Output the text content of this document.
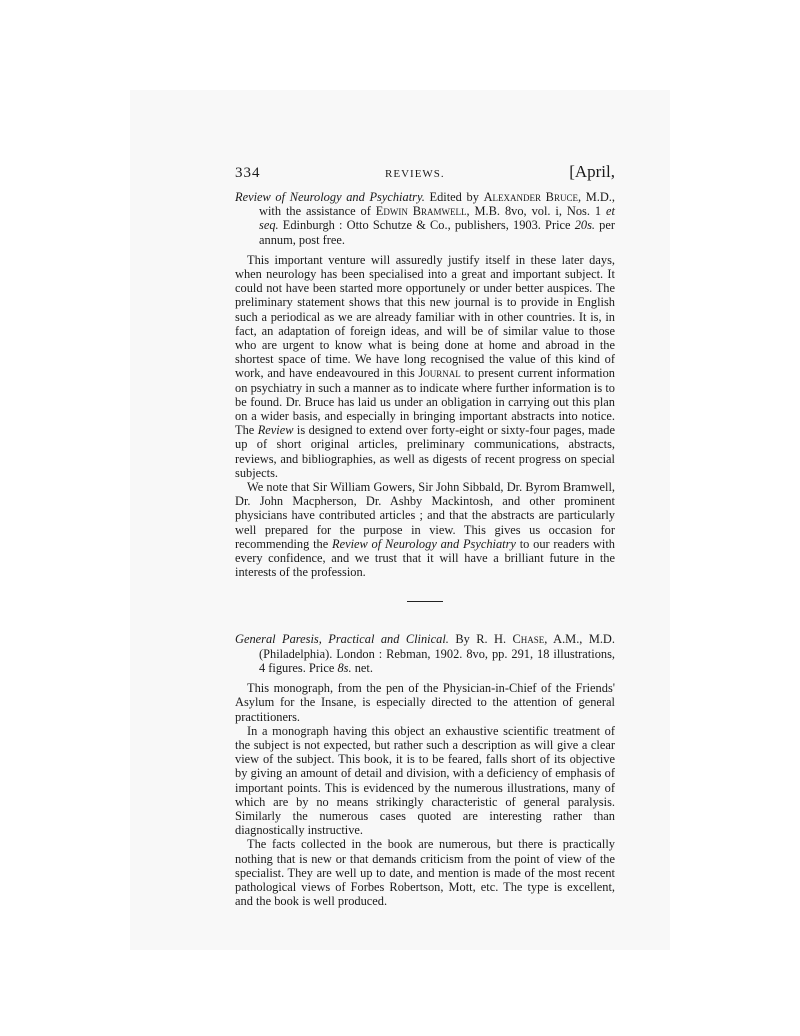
334	REVIEWS.	[April,
Review of Neurology and Psychiatry. Edited by Alexander Bruce, M.D., with the assistance of Edwin Bramwell, M.B. 8vo, vol. i, Nos. 1 et seq. Edinburgh : Otto Schutze & Co., publishers, 1903. Price 20s. per annum, post free.

This important venture will assuredly justify itself in these later days, when neurology has been specialised into a great and important subject. It could not have been started more opportunely or under better auspices. The preliminary statement shows that this new journal is to provide in English such a periodical as we are already familiar with in other countries. It is, in fact, an adaptation of foreign ideas, and will be of similar value to those who are urgent to know what is being done at home and abroad in the shortest space of time. We have long recognised the value of this kind of work, and have endeavoured in this Journal to present current information on psychiatry in such a manner as to indicate where further information is to be found. Dr. Bruce has laid us under an obligation in carrying out this plan on a wider basis, and especially in bringing important abstracts into notice. The Review is designed to extend over forty-eight or sixty-four pages, made up of short original articles, preliminary communications, abstracts, reviews, and bibliographies, as well as digests of recent progress on special subjects.

We note that Sir William Gowers, Sir John Sibbald, Dr. Byrom Bramwell, Dr. John Macpherson, Dr. Ashby Mackintosh, and other prominent physicians have contributed articles ; and that the abstracts are particularly well prepared for the purpose in view. This gives us occasion for recommending the Review of Neurology and Psychiatry to our readers with every confidence, and we trust that it will have a brilliant future in the interests of the profession.

General Paresis, Practical and Clinical. By R. H. Chase, A.M., M.D. (Philadelphia). London : Rebman, 1902. 8vo, pp. 291, 18 illustrations, 4 figures. Price 8s. net.

This monograph, from the pen of the Physician-in-Chief of the Friends' Asylum for the Insane, is especially directed to the attention of general practitioners.

In a monograph having this object an exhaustive scientific treatment of the subject is not expected, but rather such a description as will give a clear view of the subject. This book, it is to be feared, falls short of its objective by giving an amount of detail and division, with a deficiency of emphasis of important points. This is evidenced by the numerous illustrations, many of which are by no means strikingly characteristic of general paralysis. Similarly the numerous cases quoted are interesting rather than diagnostically instructive.

The facts collected in the book are numerous, but there is practically nothing that is new or that demands criticism from the point of view of the specialist. They are well up to date, and mention is made of the most recent pathological views of Forbes Robertson, Mott, etc. The type is excellent, and the book is well produced.
